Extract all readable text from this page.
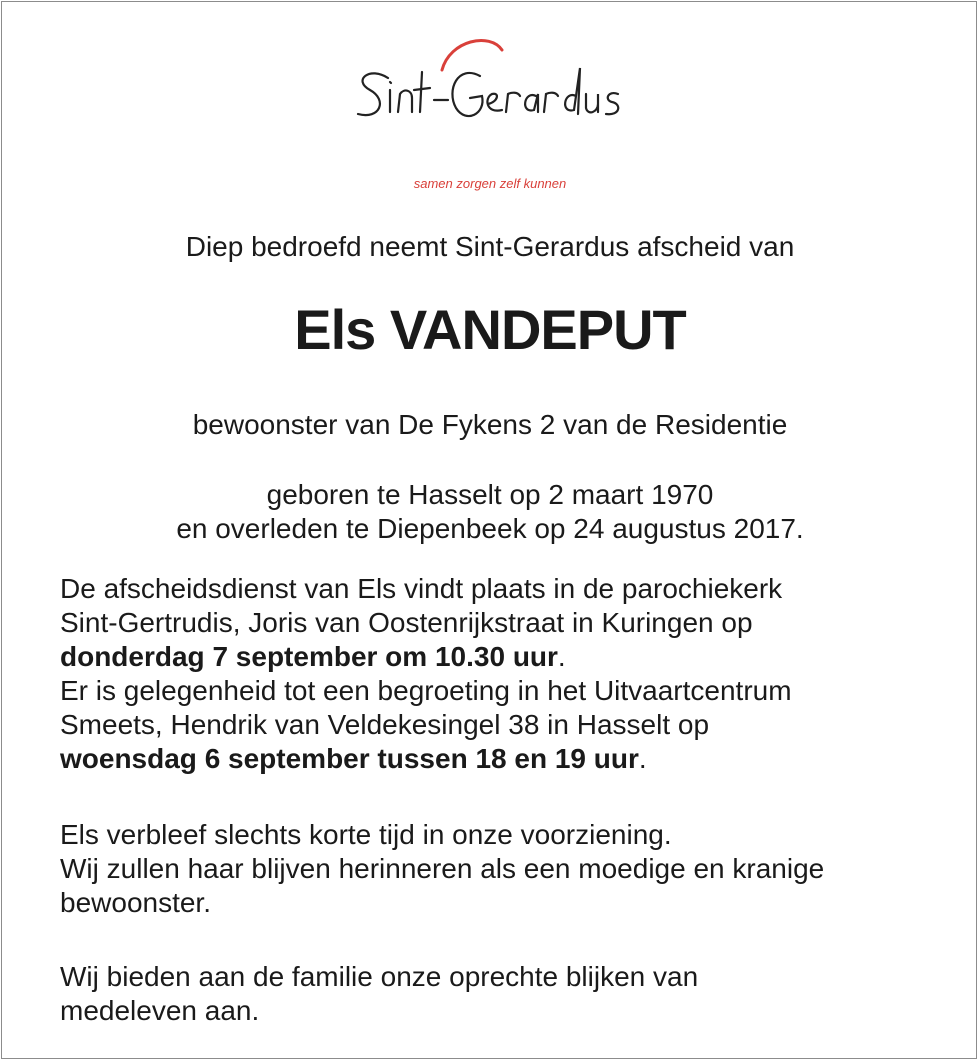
samen zorgen zelf kunnen
Diep bedroefd neemt Sint-Gerardus afscheid van
Els VANDEPUT
bewoonster van De Fykens 2 van de Residentie
geboren te Hasselt op 2 maart 1970
en overleden te Diepenbeek op 24 augustus 2017.

De afscheidsdienst van Els vindt plaats in de parochiekerk

Sint-Gertrudis, Joris van Oostenrijkstraat in Kuringen op

donderdag 7 september om 10.30 uur.

Er is gelegenheid tot een begroeting in het Uitvaartcentrum

Smeets, Hendrik van Veldekesingel 38 in Hasselt op

woensdag 6 september tussen 18 en 19 uur.

Els verbleef slechts korte tijd in onze voorziening.

Wij zullen haar blijven herinneren als een moedige en kranige

bewoonster.

Wij bieden aan de familie onze oprechte blijken van

medeleven aan.
